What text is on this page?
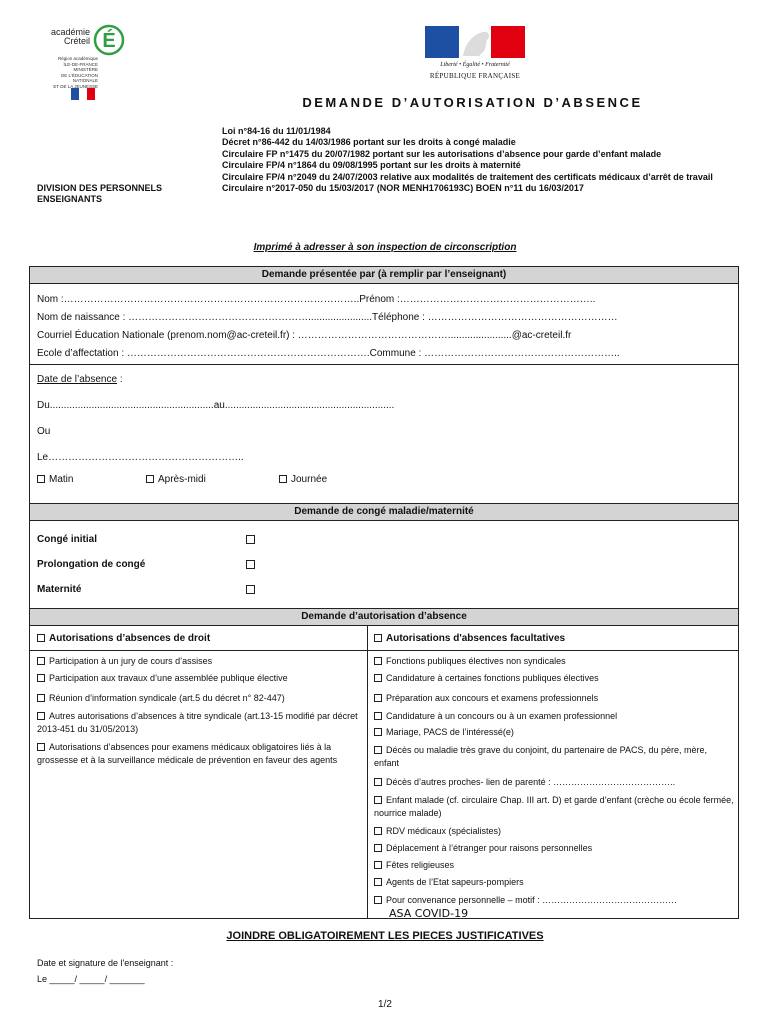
académie
Créteil É
Région académique
ÎLE-DE-FRANCE
MINISTÈRE
DE L'ÉDUCATION NATIONALE
ET DE LA JEUNESSE
Liberté • Égalité • Fraternité
RÉPUBLIQUE FRANÇAISE
DEMANDE D’AUTORISATION D’ABSENCE
DIVISION DES PERSONNELS ENSEIGNANTS
Loi n°84-16 du 11/01/1984
Décret n°86-442 du 14/03/1986 portant sur les droits à congé maladie
Circulaire FP n°1475 du 20/07/1982 portant sur les autorisations d’absence pour garde d’enfant malade
Circulaire FP/4 n°1864 du 09/08/1995 portant sur les droits à maternité
Circulaire FP/4 n°2049 du 24/07/2003 relative aux modalités de traitement des certificats médicaux d’arrêt de travail
Circulaire n°2017-050 du 15/03/2017 (NOR MENH1706193C) BOEN n°11 du 16/03/2017
Imprimé à adresser à son inspection de circonscription
Demande présentée par (à remplir par l’enseignant)
Nom :……………………………………………………………………………..Prénom :…………………………………………………..
Nom de naissance : ……………………………………………….......................Téléphone : …………………………………………………
Courriel Éducation Nationale (prenom.nom@ac-creteil.fr) : ……………………………………….......................@ac-creteil.fr
Ecole d’affectation : ……………………………………………………………….Commune : …………………………………………………..
Date de l’absence :
Du...........................................................au.............................................................
Ou
Le…………………………………………………..
Matin	Après-midi	Journée
Demande de congé maladie/maternité
Congé initial
Prolongation de congé
Maternité
Demande d’autorisation d’absence
Autorisations d’absences de droit	Autorisations d'absences facultatives
Participation à un jury de cours d’assises
Participation aux travaux d’une assemblée publique élective
Réunion d’information syndicale (art.5 du décret n° 82-447)
Autres autorisations d’absences à titre syndicale (art.13-15 modifié par décret 2013-451 du 31/05/2013)
Autorisations d’absences pour examens médicaux obligatoires liés à la grossesse et à la surveillance médicale de prévention en faveur des agents
Fonctions publiques électives non syndicales
Candidature à certaines fonctions publiques électives
Préparation aux concours et examens professionnels
Candidature à un concours ou à un examen professionnel
Mariage, PACS de l’intéressé(e)
Décès ou maladie très grave du conjoint, du partenaire de PACS, du père, mère, enfant
Décès d’autres proches- lien de parenté : …………………………………..
Enfant malade (cf. circulaire Chap. III art. D) et garde d’enfant (crèche ou école fermée, nourrice malade)
RDV médicaux (spécialistes)
Déplacement à l’étranger pour raisons personnelles
Fêtes religieuses
Agents de l’Etat sapeurs-pompiers
Pour convenance personnelle – motif : ………………………………………
ASA COVID-19
JOINDRE OBLIGATOIREMENT LES PIECES JUSTIFICATIVES
Date et signature de l'enseignant :
Le _____/ _____/ _______
1/2
